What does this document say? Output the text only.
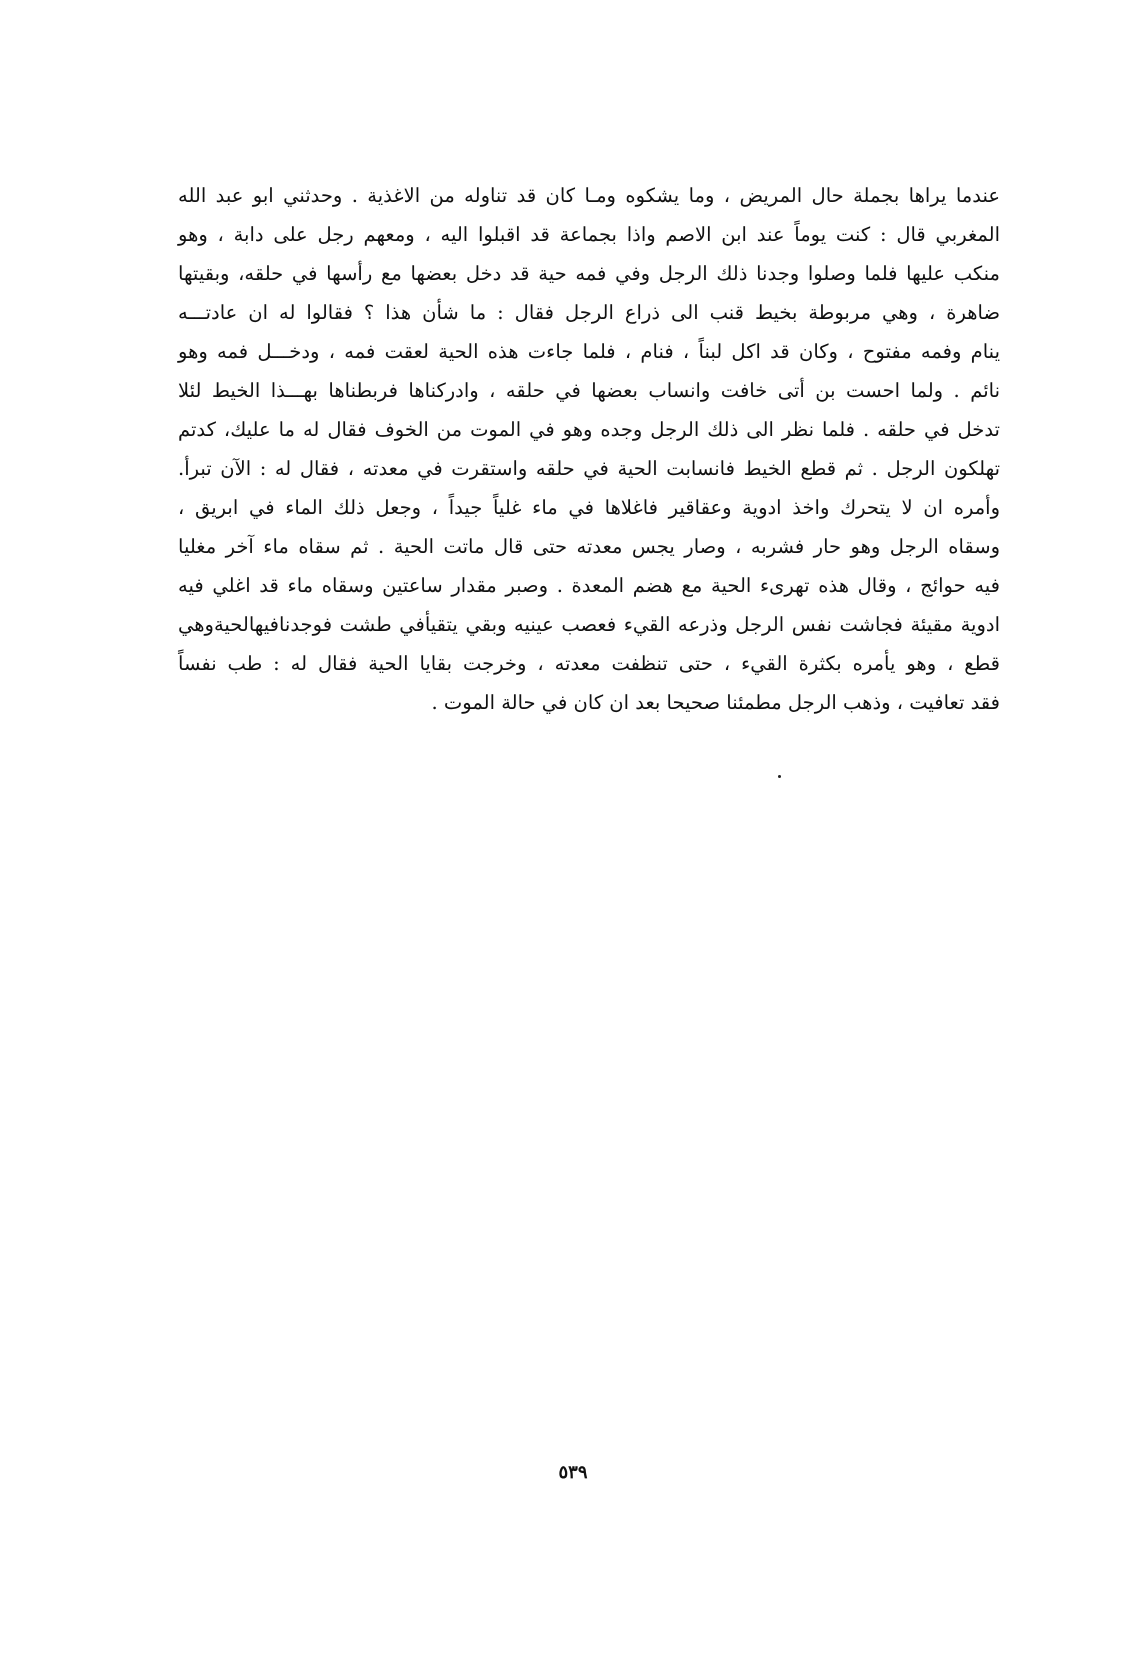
عندما يراها بجملة حال المريض ، وما يشكوه ومـا كان قد تناوله من الاغذية . وحدثني ابو عبد الله
المغربي قال : كنت يوماً عند ابن الاصم واذا بجماعة قد اقبلوا اليه ، ومعهم رجل على دابة ، وهو
منكب عليها فلما وصلوا وجدنا ذلك الرجل وفي فمه حية قد دخل بعضها مع رأسها في حلقه، وبقيتها
ضاهرة ، وهي مربوطة بخيط قنب الى ذراع الرجل فقال : ما شأن هذا ؟ فقالوا له ان عادتـــه
ينام وفمه مفتوح ، وكان قد اكل لبناً ، فنام ، فلما جاءت هذه الحية لعقت فمه ، ودخـــل فمه وهو
نائم . ولما احست بن أتى خافت وانساب بعضها في حلقه ، وادركناها فربطناها بهـــذا الخيط لئلا
تدخل في حلقه . فلما نظر الى ذلك الرجل وجده وهو في الموت من الخوف فقال له ما عليك، كدتم
تهلكون الرجل . ثم قطع الخيط فانسابت الحية في حلقه واستقرت في معدته ، فقال له : الآن تبرأ.
وأمره ان لا يتحرك واخذ ادوية وعقاقير فاغلاها في ماء غلياً جيداً ، وجعل ذلك الماء في ابريق ،
وسقاه الرجل وهو حار فشربه ، وصار يجس معدته حتى قال ماتت الحية . ثم سقاه ماء آخر مغليا
فيه حوائج ، وقال هذه تهرىء الحية مع هضم المعدة . وصبر مقدار ساعتين وسقاه ماء قد اغلي فيه
ادوية مقيئة فجاشت نفس الرجل وذرعه القيء فعصب عينيه وبقي يتقيأفي طشت فوجدنافيهالحيةوهي
قطع ، وهو يأمره بكثرة القيء ، حتى تنظفت معدته ، وخرجت بقايا الحية فقال له : طب نفساً
فقد تعافيت ، وذهب الرجل مطمئنا صحيحا بعد ان كان في حالة الموت .
٥٣٩
